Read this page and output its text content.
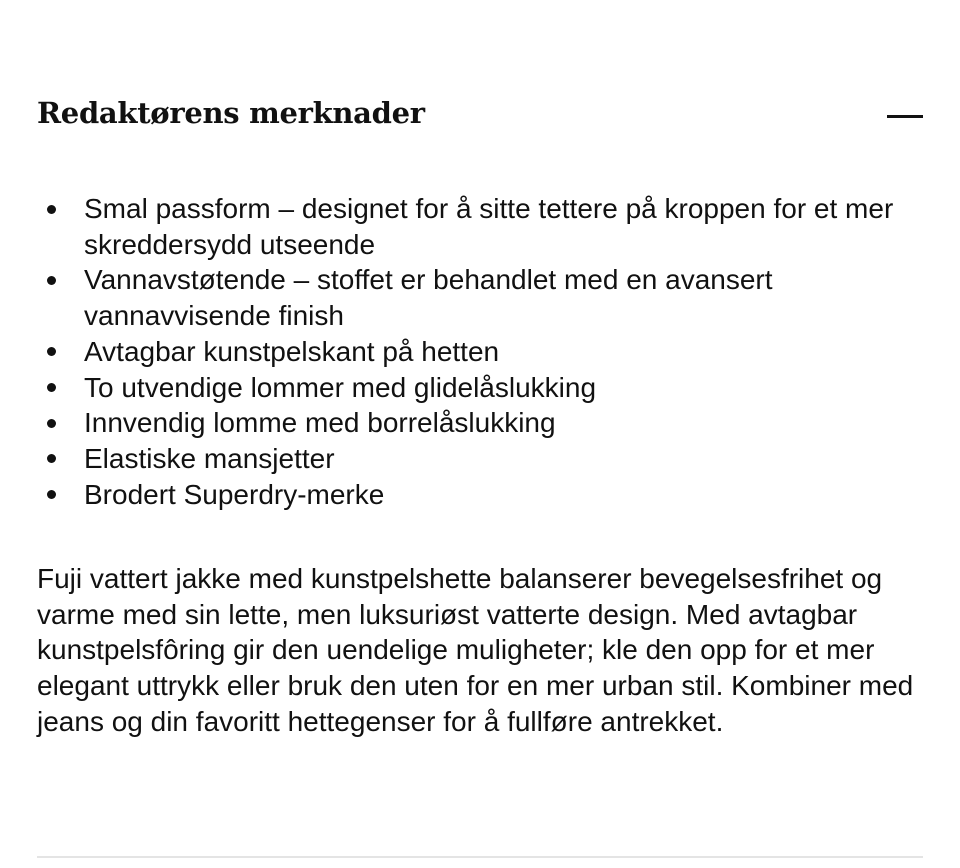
Redaktørens merknader
Smal passform – designet for å sitte tettere på kroppen for et mer skreddersydd utseende
Vannavstøtende – stoffet er behandlet med en avansert vannavvisende finish
Avtagbar kunstpelskant på hetten
To utvendige lommer med glidelåslukking
Innvendig lomme med borrelåslukking
Elastiske mansjetter
Brodert Superdry-merke

Fuji vattert jakke med kunstpelshette balanserer bevegelsesfrihet og varme med sin lette, men luksuriøst vatterte design. Med avtagbar kunstpelsfôring gir den uendelige muligheter; kle den opp for et mer elegant uttrykk eller bruk den uten for en mer urban stil. Kombiner med jeans og din favoritt hettegenser for å fullføre antrekket.
